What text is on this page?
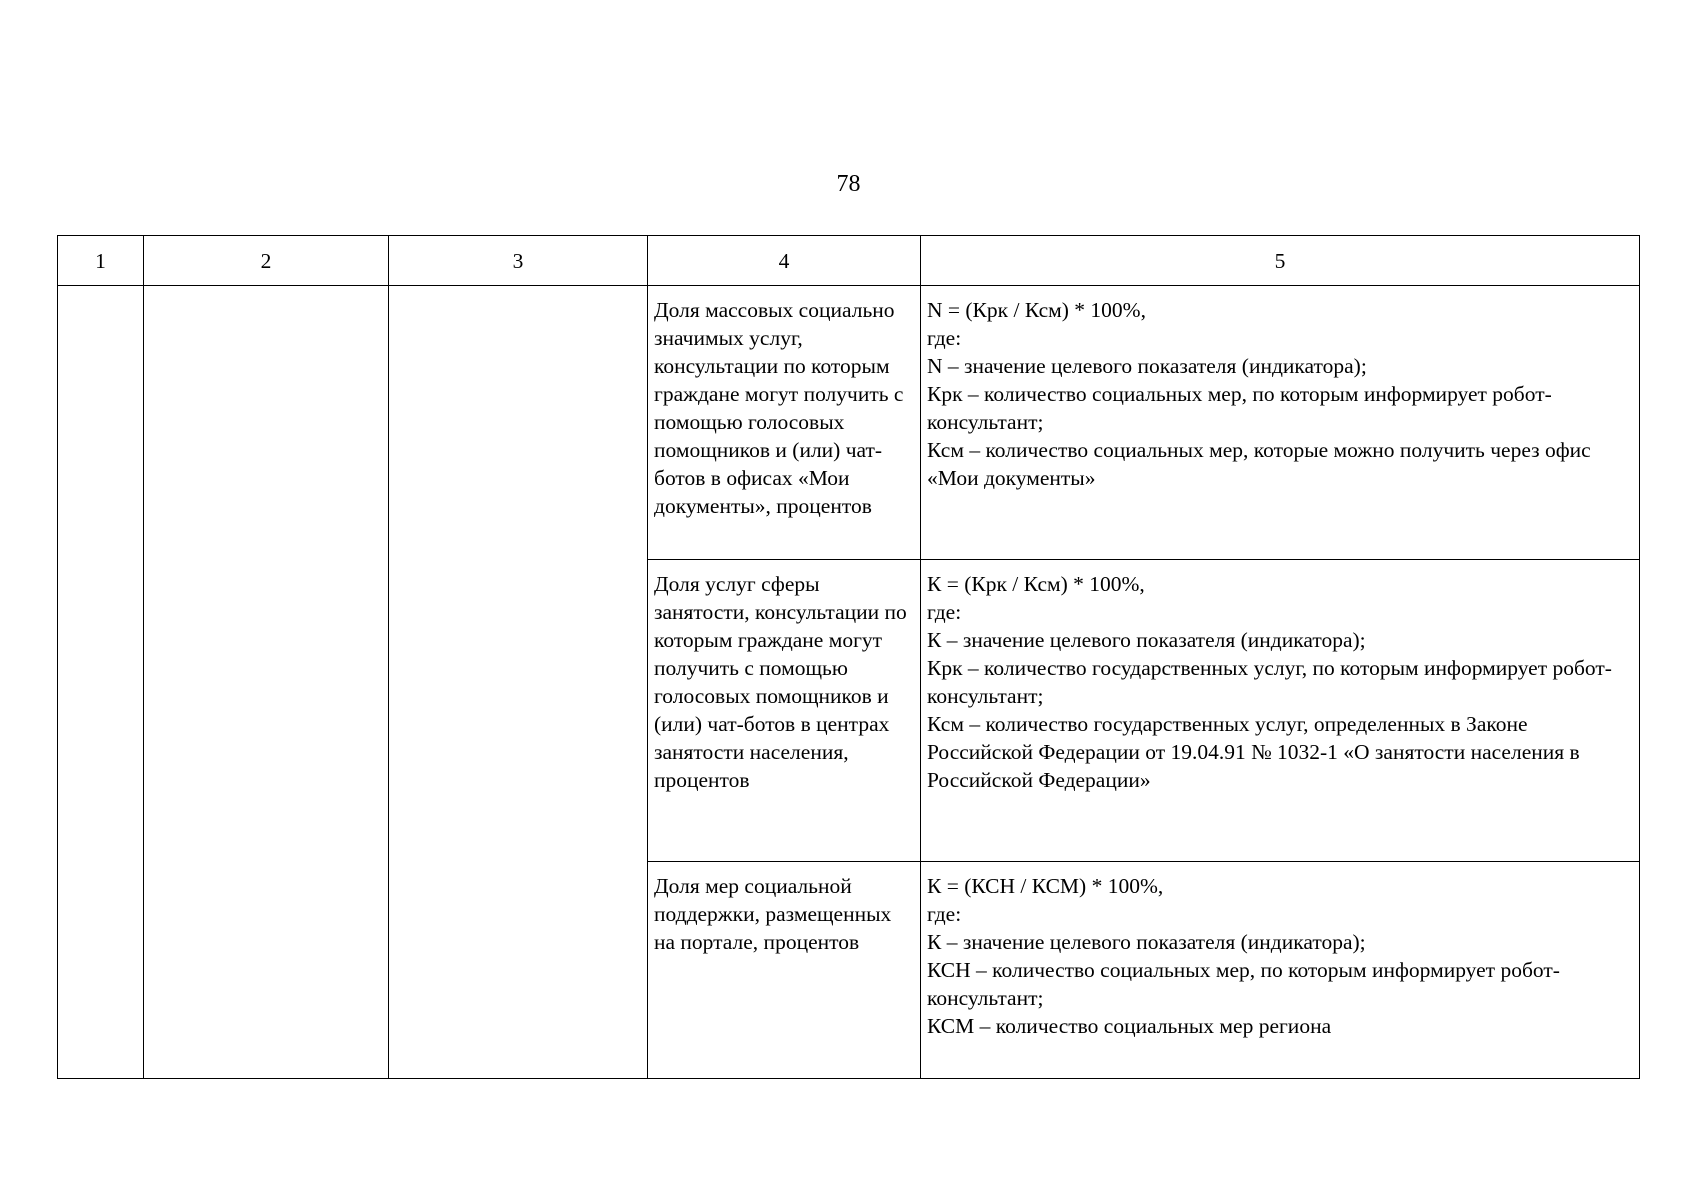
78
1	2	3	4	5

			Доля массовых социально значимых услуг, консультации по которым граждане могут получить с помощью голосовых помощников и (или) чат-ботов в офисах «Мои документы», процентов	N = (Крк / Ксм) * 100%,
где:
N – значение целевого показателя (индикатора);
Крк – количество социальных мер, по которым информирует робот-консультант;
Ксм – количество социальных мер, которые можно получить через офис «Мои документы»

			Доля услуг сферы занятости, консультации по которым граждане могут получить с помощью голосовых помощников и (или) чат-ботов в центрах занятости населения, процентов	К = (Крк / Ксм) * 100%,
где:
К – значение целевого показателя (индикатора);
Крк – количество государственных услуг, по которым информирует робот-консультант;
Ксм – количество государственных услуг, определенных в Законе Российской Федерации от 19.04.91 № 1032-1 «О занятости населения в Российской Федерации»

			Доля мер социальной поддержки, размещенных на портале, процентов	К = (КСН / КСМ) * 100%,
где:
К – значение целевого показателя (индикатора);
КСН – количество социальных мер, по которым информирует робот-консультант;
КСМ – количество социальных мер региона
